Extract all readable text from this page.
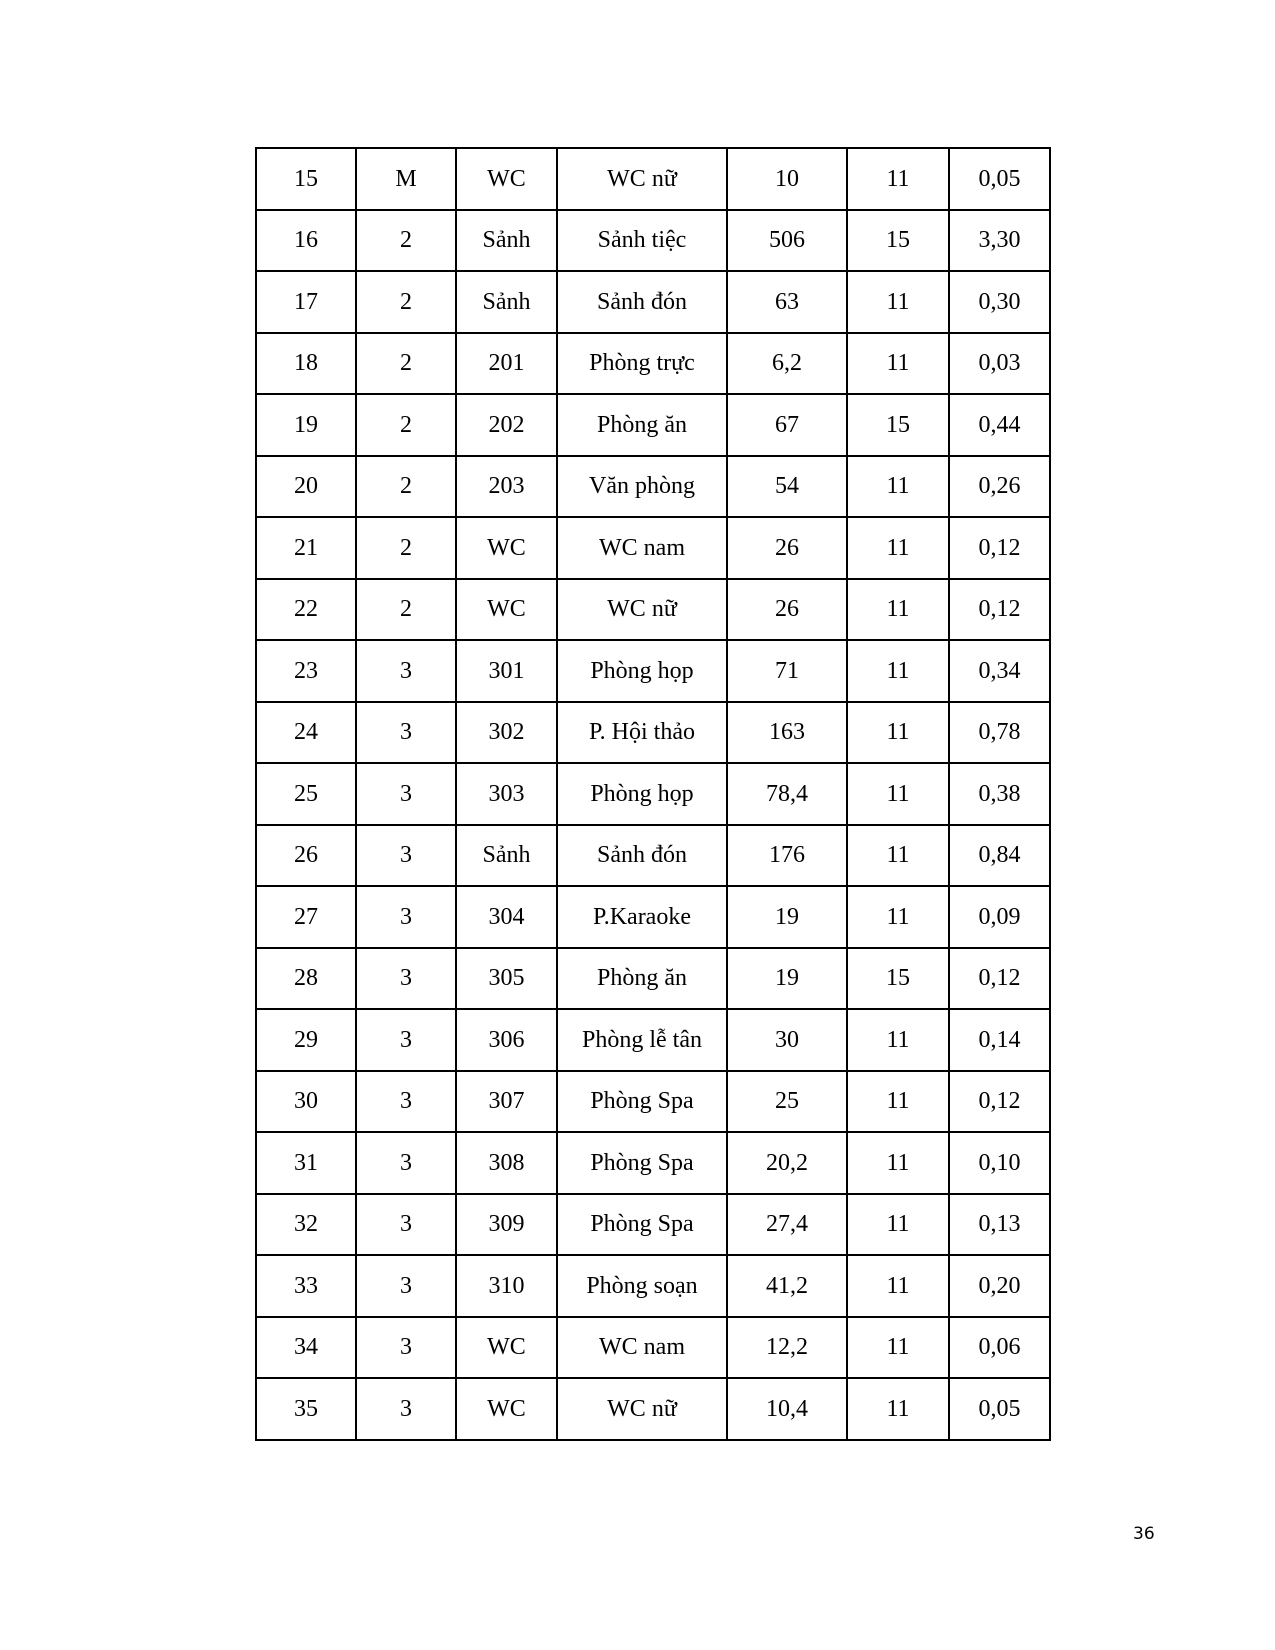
15	M	WC	WC nữ	10	11	0,05
16	2	Sảnh	Sảnh tiệc	506	15	3,30
17	2	Sảnh	Sảnh đón	63	11	0,30
18	2	201	Phòng trực	6,2	11	0,03
19	2	202	Phòng ăn	67	15	0,44
20	2	203	Văn phòng	54	11	0,26
21	2	WC	WC nam	26	11	0,12
22	2	WC	WC nữ	26	11	0,12
23	3	301	Phòng họp	71	11	0,34
24	3	302	P. Hội thảo	163	11	0,78
25	3	303	Phòng họp	78,4	11	0,38
26	3	Sảnh	Sảnh đón	176	11	0,84
27	3	304	P.Karaoke	19	11	0,09
28	3	305	Phòng ăn	19	15	0,12
29	3	306	Phòng lễ tân	30	11	0,14
30	3	307	Phòng Spa	25	11	0,12
31	3	308	Phòng Spa	20,2	11	0,10
32	3	309	Phòng Spa	27,4	11	0,13
33	3	310	Phòng soạn	41,2	11	0,20
34	3	WC	WC nam	12,2	11	0,06
35	3	WC	WC nữ	10,4	11	0,05
36
